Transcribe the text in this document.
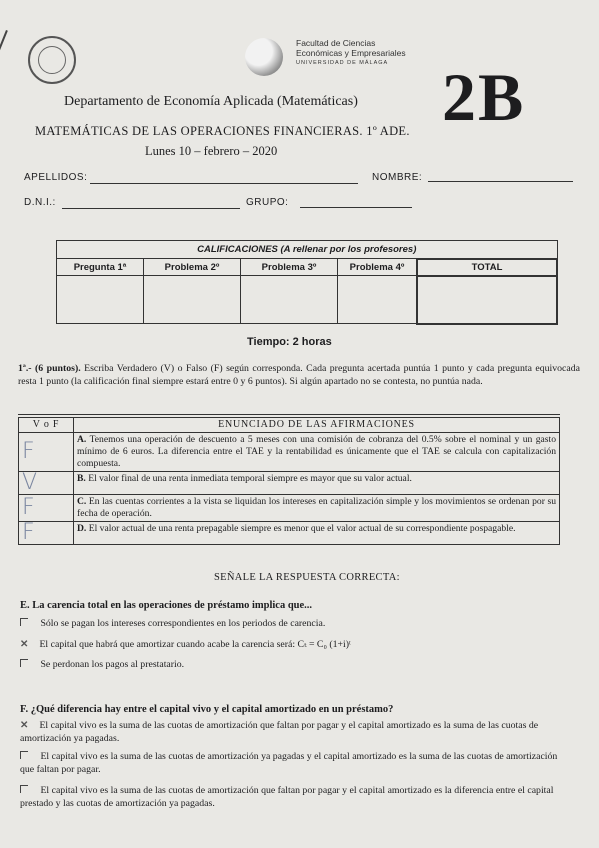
Facultad de Ciencias
Económicas y Empresariales
UNIVERSIDAD DE MÁLAGA 2B
Departamento de Economía Aplicada (Matemáticas)
MATEMÁTICAS DE LAS OPERACIONES FINANCIERAS. 1º ADE.
Lunes 10 – febrero – 2020
APELLIDOS:	NOMBRE:
D.N.I.:	GRUPO:
CALIFICACIONES (A rellenar por los profesores)				
Pregunta 1ª	Problema 2º	Problema 3º	Problema 4º	TOTAL

Tiempo: 2 horas
1ª.- (6 puntos). Escriba Verdadero (V) o Falso (F) según corresponda. Cada pregunta acertada puntúa 1 punto y cada pregunta equivocada resta 1 punto (la calificación final siempre estará entre 0 y 6 puntos). Si algún apartado no se contesta, no puntúa nada.
V o F	ENUNCIADO DE LAS AFIRMACIONES
F	A. Tenemos una operación de descuento a 5 meses con una comisión de cobranza del 0.5% sobre el nominal y un gasto mínimo de 6 euros. La diferencia entre el TAE y la rentabilidad es únicamente que el TAE se calcula con capitalización compuesta.
V	B. El valor final de una renta inmediata temporal siempre es mayor que su valor actual.
F	C. En las cuentas corrientes a la vista se liquidan los intereses en capitalización simple y los movimientos se ordenan por su fecha de operación.
F	D. El valor actual de una renta prepagable siempre es menor que el valor actual de su correspondiente pospagable.
SEÑALE LA RESPUESTA CORRECTA:
E. La carencia total en las operaciones de préstamo implica que...
Sólo se pagan los intereses correspondientes en los periodos de carencia.
✕ El capital que habrá que amortizar cuando acabe la carencia será: Cₜ = C₀ (1+i)ᵗ
Se perdonan los pagos al prestatario.
F. ¿Qué diferencia hay entre el capital vivo y el capital amortizado en un préstamo?
✕ El capital vivo es la suma de las cuotas de amortización que faltan por pagar y el capital amortizado es la suma de las cuotas de amortización ya pagadas.
El capital vivo es la suma de las cuotas de amortización ya pagadas y el capital amortizado es la suma de las cuotas de amortización que faltan por pagar.
El capital vivo es la suma de las cuotas de amortización que faltan por pagar y el capital amortizado es la diferencia entre el capital prestado y las cuotas de amortización ya pagadas.
